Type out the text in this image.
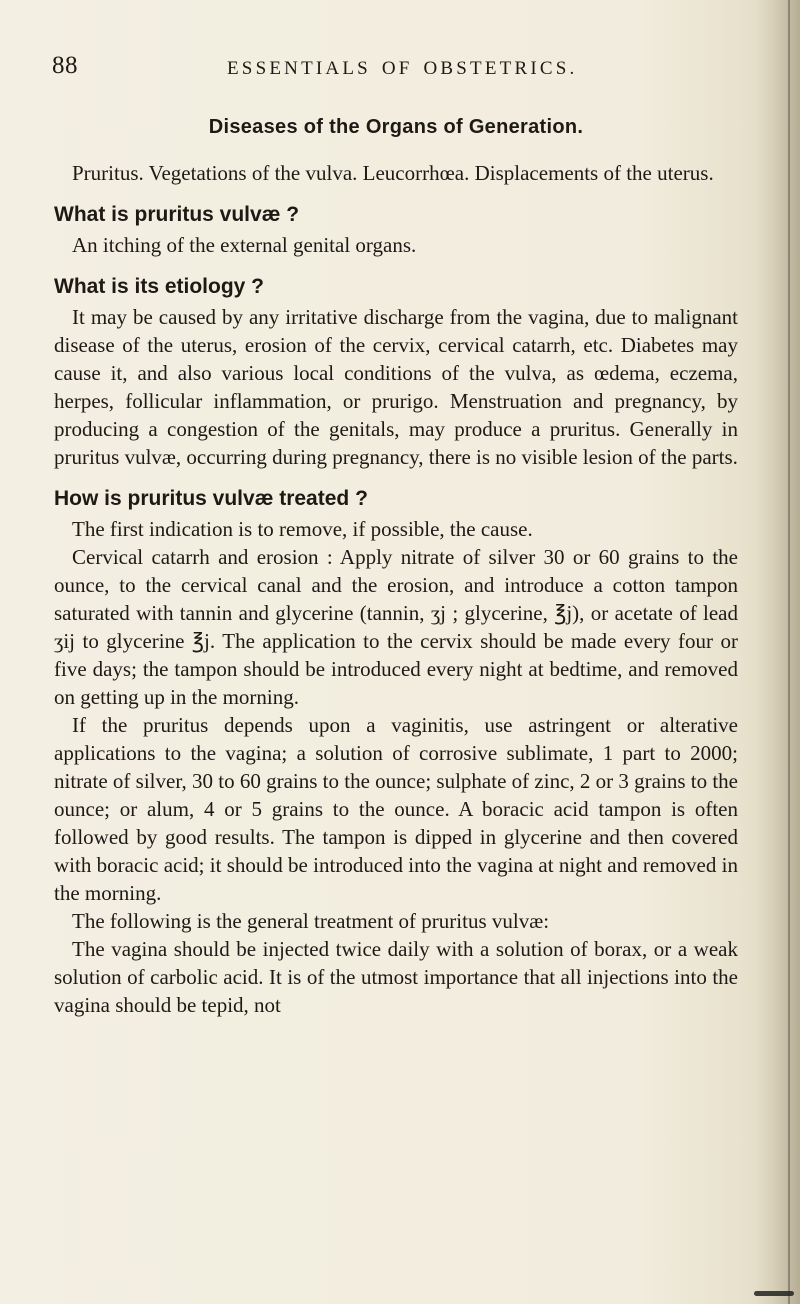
88	ESSENTIALS OF OBSTETRICS.
Diseases of the Organs of Generation.

Pruritus. Vegetations of the vulva. Leucorrhœa. Displacements of the uterus.

What is pruritus vulvæ ?

An itching of the external genital organs.

What is its etiology ?

It may be caused by any irritative discharge from the vagina, due to malignant disease of the uterus, erosion of the cervix, cervical catarrh, etc. Diabetes may cause it, and also various local conditions of the vulva, as œdema, eczema, herpes, follicular inflammation, or prurigo. Menstruation and pregnancy, by producing a congestion of the genitals, may produce a pruritus. Generally in pruritus vulvæ, occurring during pregnancy, there is no visible lesion of the parts.

How is pruritus vulvæ treated ?

The first indication is to remove, if possible, the cause.

Cervical catarrh and erosion : Apply nitrate of silver 30 or 60 grains to the ounce, to the cervical canal and the erosion, and introduce a cotton tampon saturated with tannin and glycerine (tannin, ʒj ; glycerine, ℥j), or acetate of lead ʒij to glycerine ℥j. The application to the cervix should be made every four or five days; the tampon should be introduced every night at bedtime, and removed on getting up in the morning.

If the pruritus depends upon a vaginitis, use astringent or alterative applications to the vagina; a solution of corrosive sublimate, 1 part to 2000; nitrate of silver, 30 to 60 grains to the ounce; sulphate of zinc, 2 or 3 grains to the ounce; or alum, 4 or 5 grains to the ounce. A boracic acid tampon is often followed by good results. The tampon is dipped in glycerine and then covered with boracic acid; it should be introduced into the vagina at night and removed in the morning.

The following is the general treatment of pruritus vulvæ:

The vagina should be injected twice daily with a solution of borax, or a weak solution of carbolic acid. It is of the utmost importance that all injections into the vagina should be tepid, not
